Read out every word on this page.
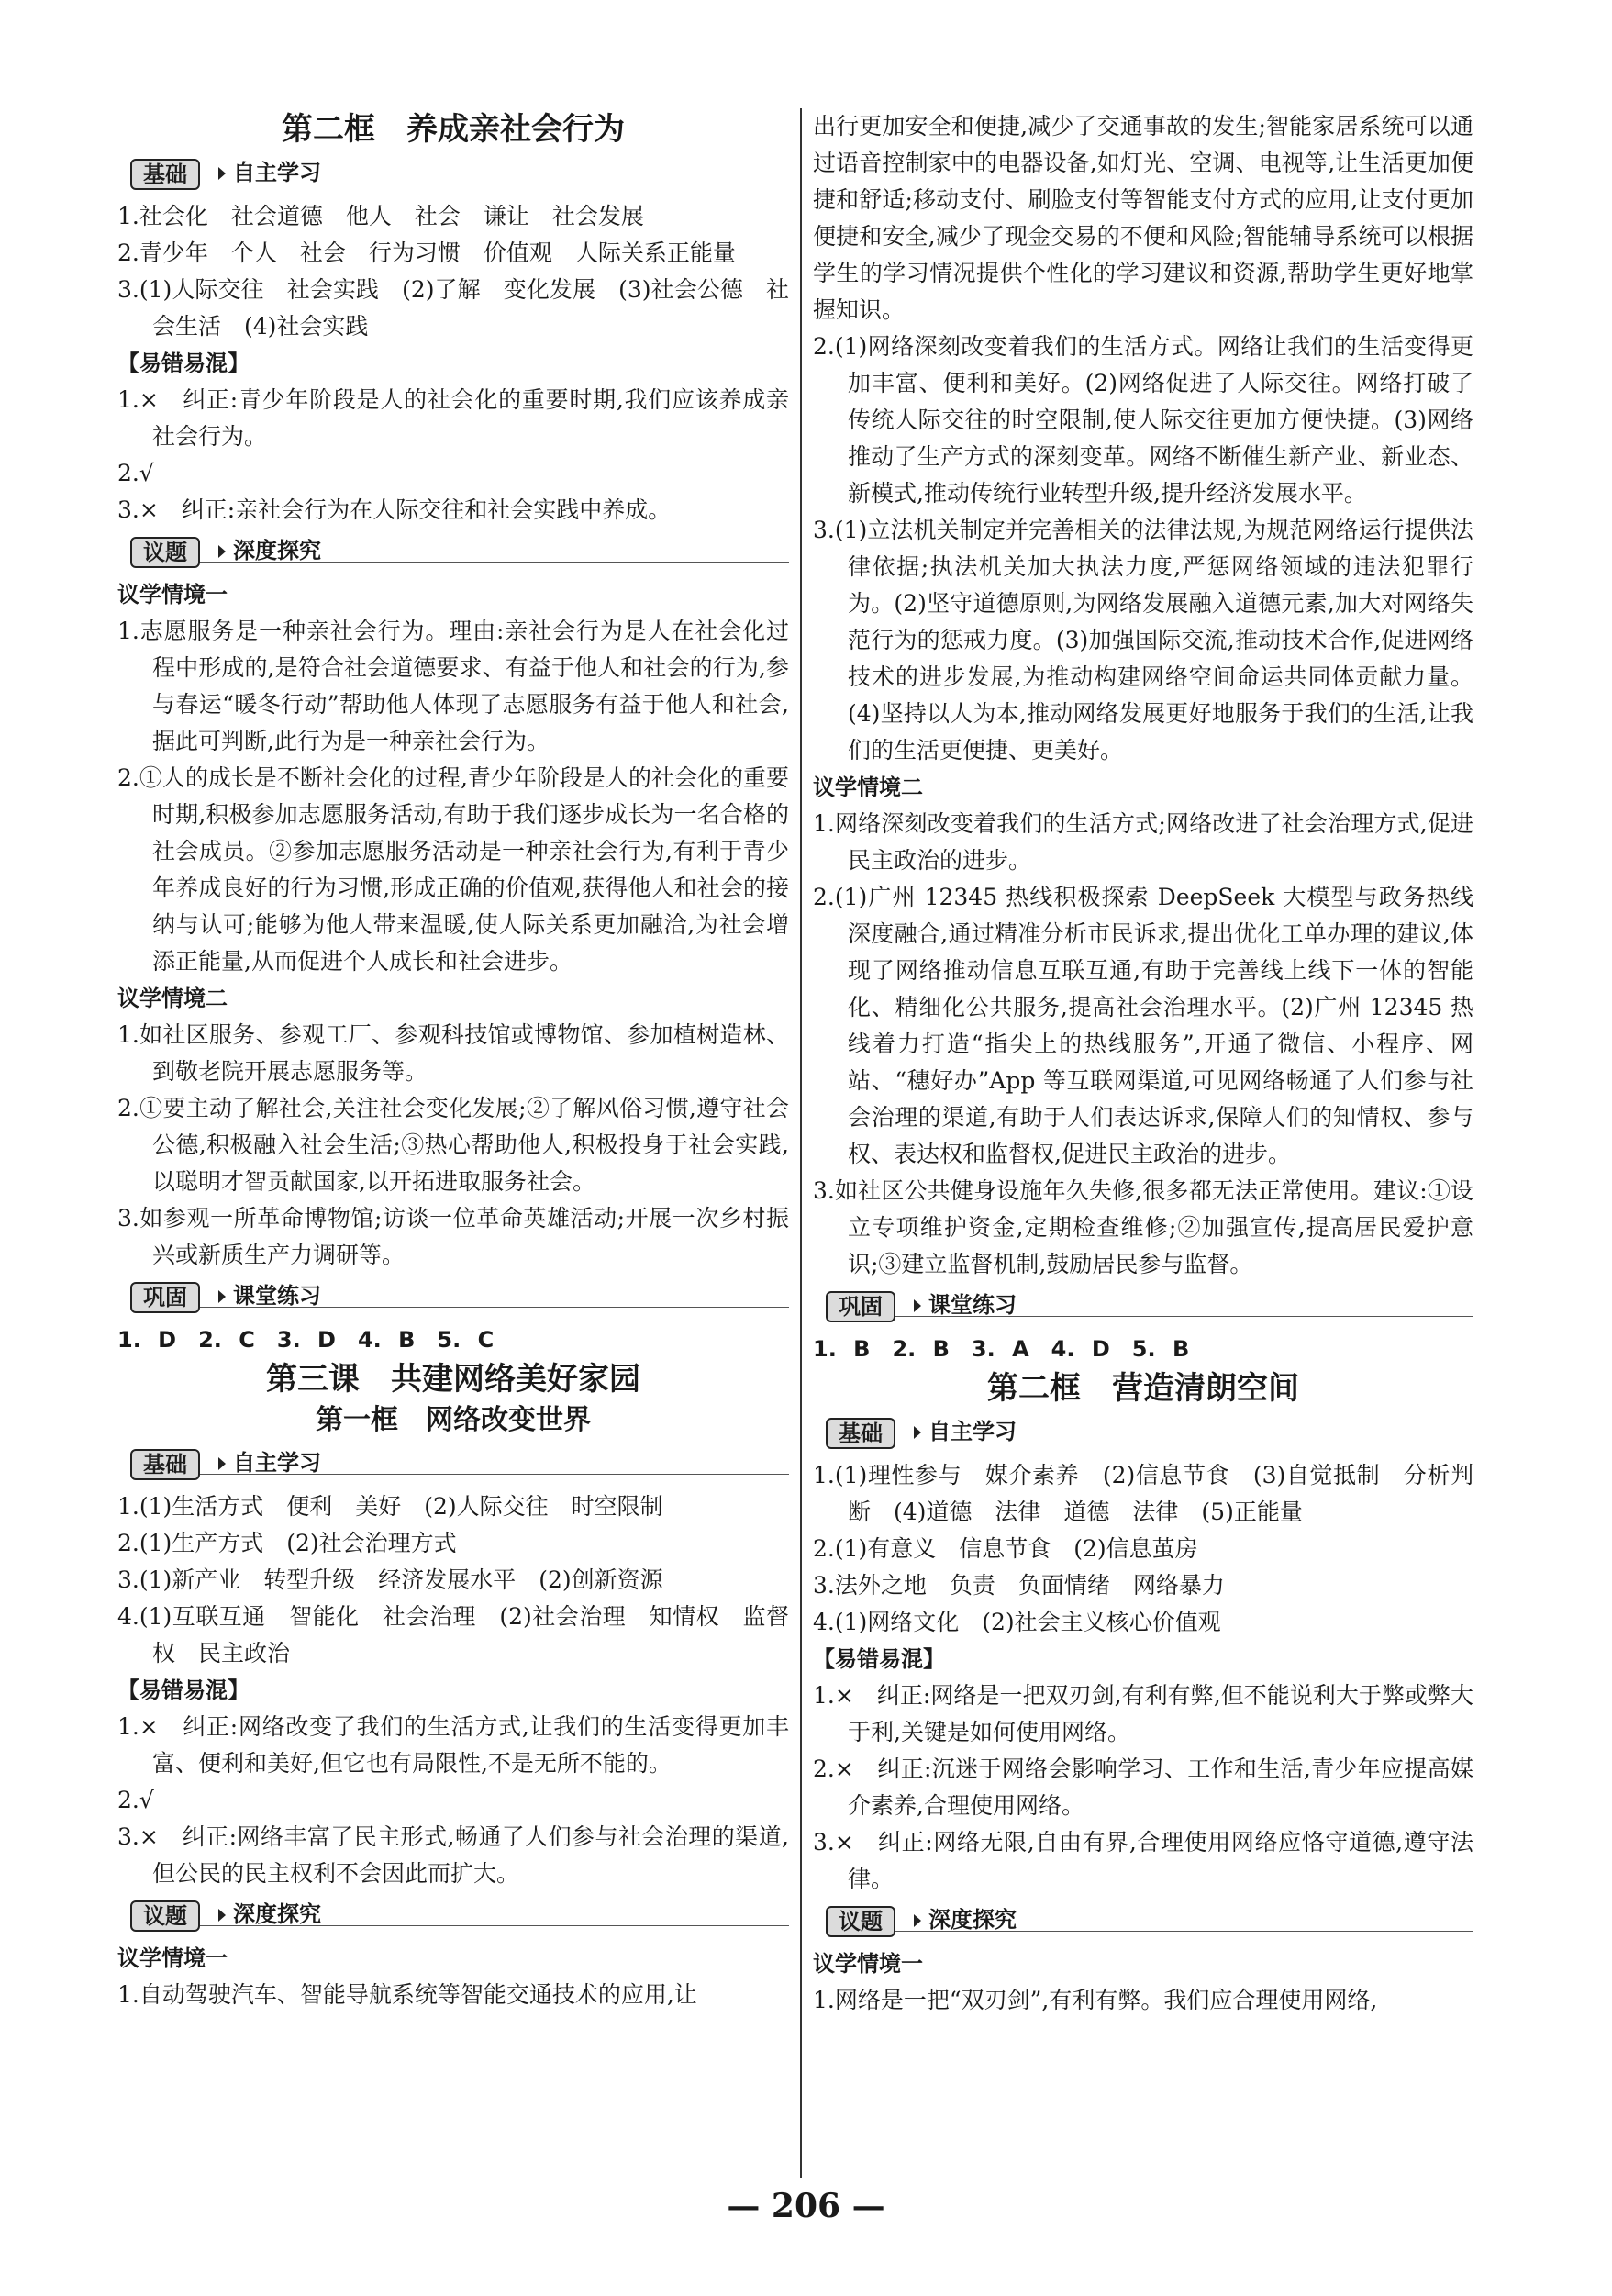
第二框　养成亲社会行为
基础	自主学习
1.社会化　社会道德　他人　社会　谦让　社会发展
2.青少年　个人　社会　行为习惯　价值观　人际关系正能量
3.(1)人际交往　社会实践　(2)了解　变化发展　(3)社会公德　社会生活　(4)社会实践
【易错易混】
1.×　纠正:青少年阶段是人的社会化的重要时期,我们应该养成亲社会行为。
2.√
3.×　纠正:亲社会行为在人际交往和社会实践中养成。
议题	深度探究
议学情境一
1.志愿服务是一种亲社会行为。理由:亲社会行为是人在社会化过程中形成的,是符合社会道德要求、有益于他人和社会的行为,参与春运“暖冬行动”帮助他人体现了志愿服务有益于他人和社会,据此可判断,此行为是一种亲社会行为。
2.①人的成长是不断社会化的过程,青少年阶段是人的社会化的重要时期,积极参加志愿服务活动,有助于我们逐步成长为一名合格的社会成员。②参加志愿服务活动是一种亲社会行为,有利于青少年养成良好的行为习惯,形成正确的价值观,获得他人和社会的接纳与认可;能够为他人带来温暖,使人际关系更加融洽,为社会增添正能量,从而促进个人成长和社会进步。
议学情境二
1.如社区服务、参观工厂、参观科技馆或博物馆、参加植树造林、到敬老院开展志愿服务等。
2.①要主动了解社会,关注社会变化发展;②了解风俗习惯,遵守社会公德,积极融入社会生活;③热心帮助他人,积极投身于社会实践,以聪明才智贡献国家,以开拓进取服务社会。
3.如参观一所革命博物馆;访谈一位革命英雄活动;开展一次乡村振兴或新质生产力调研等。
巩固	课堂练习
1. D　2. C　3. D　4. B　5. C
第三课　共建网络美好家园
第一框　网络改变世界
基础	自主学习
1.(1)生活方式　便利　美好　(2)人际交往　时空限制
2.(1)生产方式　(2)社会治理方式
3.(1)新产业　转型升级　经济发展水平　(2)创新资源
4.(1)互联互通　智能化　社会治理　(2)社会治理　知情权　监督权　民主政治
【易错易混】
1.×　纠正:网络改变了我们的生活方式,让我们的生活变得更加丰富、便利和美好,但它也有局限性,不是无所不能的。
2.√
3.×　纠正:网络丰富了民主形式,畅通了人们参与社会治理的渠道,但公民的民主权利不会因此而扩大。
议题	深度探究
议学情境一
1.自动驾驶汽车、智能导航系统等智能交通技术的应用,让
出行更加安全和便捷,减少了交通事故的发生;智能家居系统可以通过语音控制家中的电器设备,如灯光、空调、电视等,让生活更加便捷和舒适;移动支付、刷脸支付等智能支付方式的应用,让支付更加便捷和安全,减少了现金交易的不便和风险;智能辅导系统可以根据学生的学习情况提供个性化的学习建议和资源,帮助学生更好地掌握知识。
2.(1)网络深刻改变着我们的生活方式。网络让我们的生活变得更加丰富、便利和美好。(2)网络促进了人际交往。网络打破了传统人际交往的时空限制,使人际交往更加方便快捷。(3)网络推动了生产方式的深刻变革。网络不断催生新产业、新业态、新模式,推动传统行业转型升级,提升经济发展水平。
3.(1)立法机关制定并完善相关的法律法规,为规范网络运行提供法律依据;执法机关加大执法力度,严惩网络领域的违法犯罪行为。(2)坚守道德原则,为网络发展融入道德元素,加大对网络失范行为的惩戒力度。(3)加强国际交流,推动技术合作,促进网络技术的进步发展,为推动构建网络空间命运共同体贡献力量。(4)坚持以人为本,推动网络发展更好地服务于我们的生活,让我们的生活更便捷、更美好。
议学情境二
1.网络深刻改变着我们的生活方式;网络改进了社会治理方式,促进民主政治的进步。
2.(1)广州 12345 热线积极探索 DeepSeek 大模型与政务热线深度融合,通过精准分析市民诉求,提出优化工单办理的建议,体现了网络推动信息互联互通,有助于完善线上线下一体的智能化、精细化公共服务,提高社会治理水平。(2)广州 12345 热线着力打造“指尖上的热线服务”,开通了微信、小程序、网站、“穗好办”App 等互联网渠道,可见网络畅通了人们参与社会治理的渠道,有助于人们表达诉求,保障人们的知情权、参与权、表达权和监督权,促进民主政治的进步。
3.如社区公共健身设施年久失修,很多都无法正常使用。建议:①设立专项维护资金,定期检查维修;②加强宣传,提高居民爱护意识;③建立监督机制,鼓励居民参与监督。
巩固	课堂练习
1. B　2. B　3. A　4. D　5. B
第二框　营造清朗空间
基础	自主学习
1.(1)理性参与　媒介素养　(2)信息节食　(3)自觉抵制　分析判断　(4)道德　法律　道德　法律　(5)正能量
2.(1)有意义　信息节食　(2)信息茧房
3.法外之地　负责　负面情绪　网络暴力
4.(1)网络文化　(2)社会主义核心价值观
【易错易混】
1.×　纠正:网络是一把双刃剑,有利有弊,但不能说利大于弊或弊大于利,关键是如何使用网络。
2.×　纠正:沉迷于网络会影响学习、工作和生活,青少年应提高媒介素养,合理使用网络。
3.×　纠正:网络无限,自由有界,合理使用网络应恪守道德,遵守法律。
议题	深度探究
议学情境一
1.网络是一把“双刃剑”,有利有弊。我们应合理使用网络,
— 206 —
